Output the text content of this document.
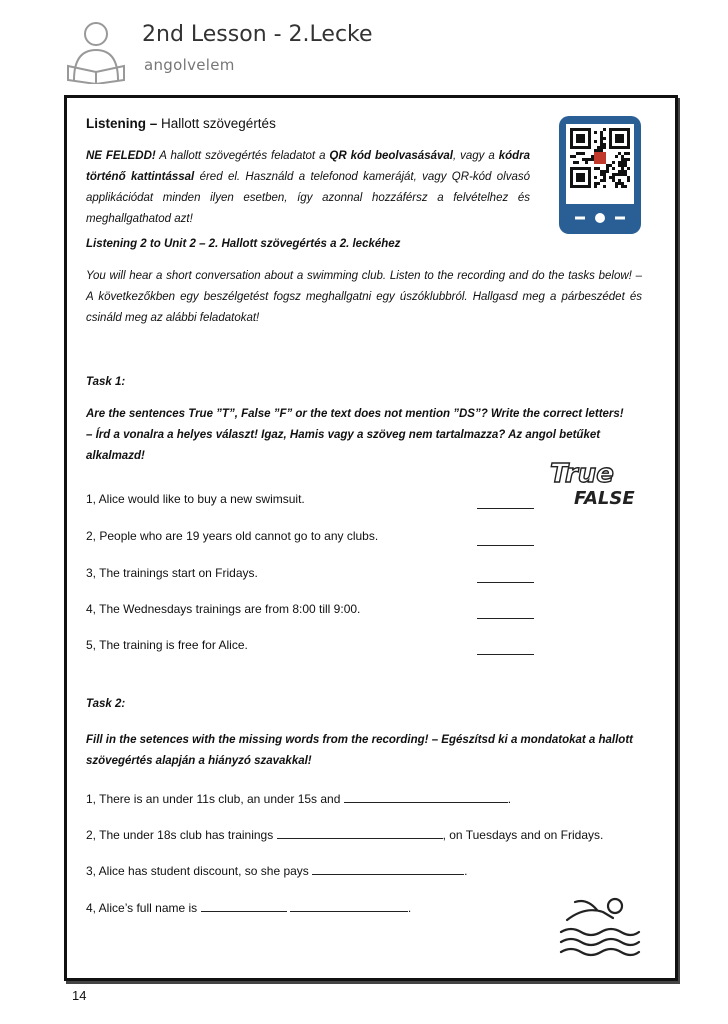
2nd Lesson - 2.Lecke
angolvelem
Listening – Hallott szövegértés
NE FELEDD! A hallott szövegértés feladatot a QR kód beolvasásával, vagy a kódra történő kattintással éred el. Használd a telefonod kameráját, vagy QR-kód olvasó applikációdat minden ilyen esetben, így azonnal hozzáférsz a felvételhez és meghallgathatod azt!
Listening 2 to Unit 2 – 2. Hallott szövegértés a 2. leckéhez
You will hear a short conversation about a swimming club. Listen to the recording and do the tasks below! – A következőkben egy beszélgetést fogsz meghallgatni egy úszóklubbról. Hallgasd meg a párbeszédet és csináld meg az alábbi feladatokat!
Task 1:
Are the sentences True ”T”, False ”F” or the text does not mention ”DS”? Write the correct letters!
– Írd a vonalra a helyes választ! Igaz, Hamis vagy a szöveg nem tartalmazza? Az angol betűket alkalmazd!
1, Alice would like to buy a new swimsuit.
2, People who are 19 years old cannot go to any clubs.
3, The trainings start on Fridays.
4, The Wednesdays trainings are from 8:00 till 9:00.
5, The training is free for Alice.
True
FALSE
Task 2:
Fill in the setences with the missing words from the recording! – Egészítsd ki a mondatokat a hallott szövegértés alapján a hiányzó szavakkal!
1, There is an under 11s club, an under 15s and	.
2, The under 18s club has trainings	, on Tuesdays and on Fridays.
3, Alice has student discount, so she pays	.
4, Alice’s full name is	.
14
